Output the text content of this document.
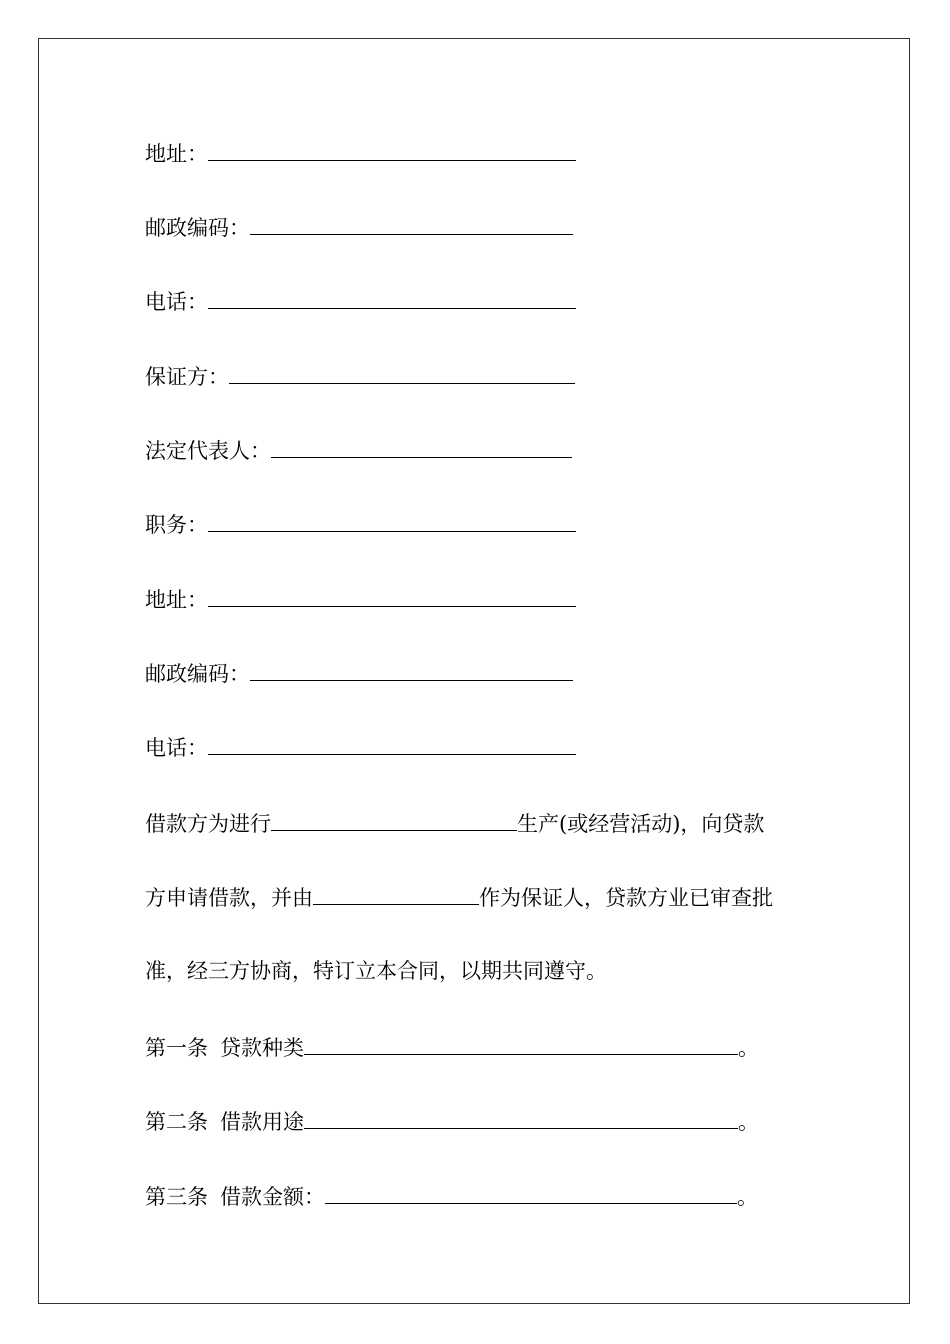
地址：
邮政编码：
电话：
保证方：
法定代表人：
职务：
地址：
邮政编码：
电话：
借款方为进行	生产(或经营活动)，向贷款
方申请借款，并由	作为保证人，贷款方业已审查批
准，经三方协商，特订立本合同，以期共同遵守。
第一条 贷款种类	。
第二条 借款用途	。
第三条 借款金额：	。
